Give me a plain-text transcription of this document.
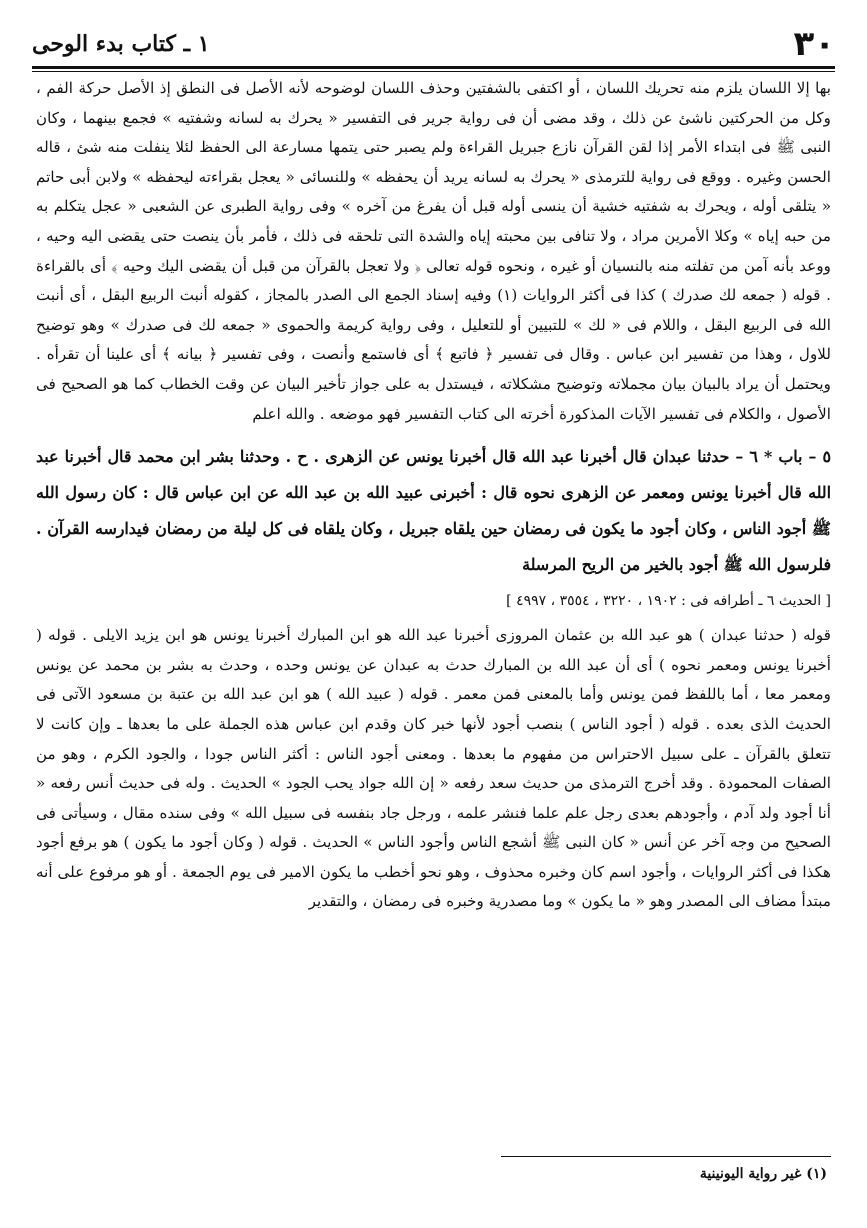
٣٠
١ ـ كتاب بدء الوحى

بها إلا اللسان يلزم منه تحريك اللسان ، أو اكتفى بالشفتين وحذف اللسان لوضوحه لأنه الأصل فى النطق إذ الأصل حركة الفم ، وكل من الحركتين ناشئ عن ذلك ، وقد مضى أن فى رواية جرير فى التفسير « يحرك به لسانه وشفتيه » فجمع بينهما ، وكان النبى ﷺ فى ابتداء الأمر إذا لقن القرآن نازع جبريل القراءة ولم يصبر حتى يتمها مسارعة الى الحفظ لئلا ينفلت منه شئ ، قاله الحسن وغيره . ووقع فى رواية للترمذى « يحرك به لسانه يريد أن يحفظه » وللنسائى « يعجل بقراءته ليحفظه » ولابن أبى حاتم « يتلقى أوله ، ويحرك به شفتيه خشية أن ينسى أوله قبل أن يفرغ من آخره » وفى رواية الطبرى عن الشعبى « عجل يتكلم به من حبه إياه » وكلا الأمرين مراد ، ولا تنافى بين محبته إياه والشدة التى تلحقه فى ذلك ، فأمر بأن ينصت حتى يقضى اليه وحيه ، ووعد بأنه آمن من تفلته منه بالنسيان أو غيره ، ونحوه قوله تعالى ﴿ ولا تعجل بالقرآن من قبل أن يقضى اليك وحيه ﴾ أى بالقراءة . قوله ( جمعه لك صدرك ) كذا فى أكثر الروايات (١) وفيه إسناد الجمع الى الصدر بالمجاز ، كقوله أنبت الربيع البقل ، أى أنبت الله فى الربيع البقل ، واللام فى « لك » للتبيين أو للتعليل ، وفى رواية كريمة والحموى « جمعه لك فى صدرك » وهو توضيح للاول ، وهذا من تفسير ابن عباس . وقال فى تفسير ﴿ فاتبع ﴾ أى فاستمع وأنصت ، وفى تفسير ﴿ بيانه ﴾ أى علينا أن تقرأه . ويحتمل أن يراد بالبيان بيان مجملاته وتوضيح مشكلاته ، فيستدل به على جواز تأخير البيان عن وقت الخطاب كما هو الصحيح فى الأصول ، والكلام فى تفسير الآيات المذكورة أخرته الى كتاب التفسير فهو موضعه . والله اعلم

٥ – باب * ٦ – حدثنا عبدان قال أخبرنا عبد الله قال أخبرنا يونس عن الزهرى . ح . وحدثنا بشر ابن محمد قال أخبرنا عبد الله قال أخبرنا يونس ومعمر عن الزهرى نحوه قال : أخبرنى عبيد الله بن عبد الله عن ابن عباس قال : كان رسول الله ﷺ أجود الناس ، وكان أجود ما يكون فى رمضان حين يلقاه جبريل ، وكان يلقاه فى كل ليلة من رمضان فيدارسه القرآن . فلرسول الله ﷺ أجود بالخير من الريح المرسلة

[ الحديث ٦ ـ أطرافه فى : ١٩٠٢ ، ٣٢٢٠ ، ٣٥٥٤ ، ٤٩٩٧ ]

قوله ( حدثنا عبدان ) هو عبد الله بن عثمان المروزى أخبرنا عبد الله هو ابن المبارك أخبرنا يونس هو ابن يزيد الايلى . قوله ( أخبرنا يونس ومعمر نحوه ) أى أن عبد الله بن المبارك حدث به عبدان عن يونس وحده ، وحدث به بشر بن محمد عن يونس ومعمر معا ، أما باللفظ فمن يونس وأما بالمعنى فمن معمر . قوله ( عبيد الله ) هو ابن عبد الله بن عتبة بن مسعود الآتى فى الحديث الذى بعده . قوله ( أجود الناس ) بنصب أجود لأنها خبر كان وقدم ابن عباس هذه الجملة على ما بعدها ـ وإن كانت لا تتعلق بالقرآن ـ على سبيل الاحتراس من مفهوم ما بعدها . ومعنى أجود الناس : أكثر الناس جودا ، والجود الكرم ، وهو من الصفات المحمودة . وقد أخرج الترمذى من حديث سعد رفعه « إن الله جواد يحب الجود » الحديث . وله فى حديث أنس رفعه « أنا أجود ولد آدم ، وأجودهم بعدى رجل علم علما فنشر علمه ، ورجل جاد بنفسه فى سبيل الله » وفى سنده مقال ، وسيأتى فى الصحيح من وجه آخر عن أنس « كان النبى ﷺ أشجع الناس وأجود الناس » الحديث . قوله ( وكان أجود ما يكون ) هو برفع أجود هكذا فى أكثر الروايات ، وأجود اسم كان وخبره محذوف ، وهو نحو أخطب ما يكون الامير فى يوم الجمعة . أو هو مرفوع على أنه مبتدأ مضاف الى المصدر وهو « ما يكون » وما مصدرية وخبره فى رمضان ، والتقدير

(١) غير رواية اليونينية
